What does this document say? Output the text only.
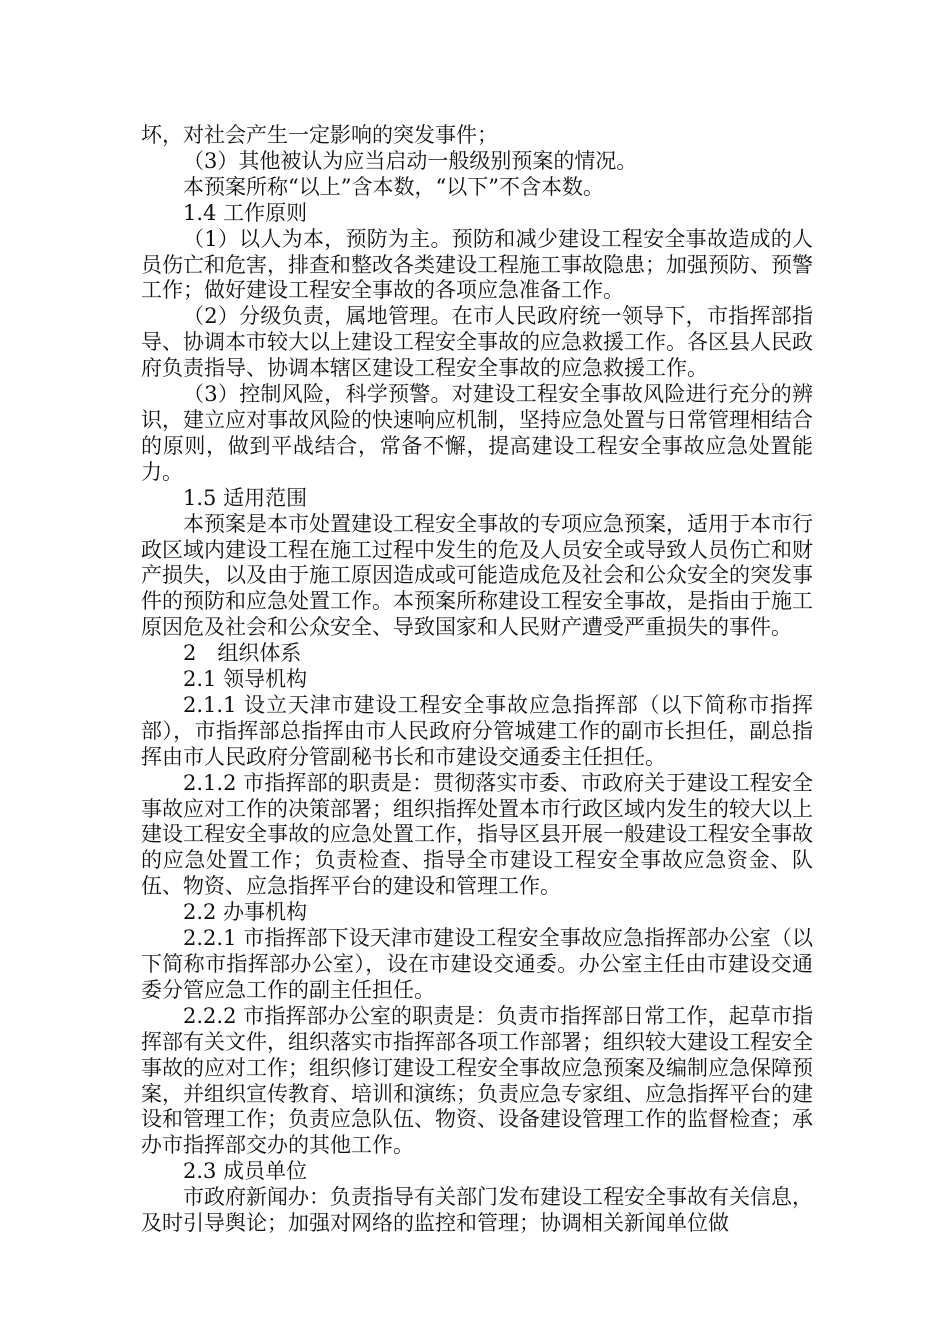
坏，对社会产生一定影响的突发事件；

（3）其他被认为应当启动一般级别预案的情况。

本预案所称“以上”含本数，“以下”不含本数。

1.4 工作原则

（1）以人为本，预防为主。预防和减少建设工程安全事故造成的人员伤亡和危害，排查和整改各类建设工程施工事故隐患；加强预防、预警工作；做好建设工程安全事故的各项应急准备工作。

（2）分级负责，属地管理。在市人民政府统一领导下，市指挥部指导、协调本市较大以上建设工程安全事故的应急救援工作。各区县人民政府负责指导、协调本辖区建设工程安全事故的应急救援工作。

（3）控制风险，科学预警。对建设工程安全事故风险进行充分的辨识，建立应对事故风险的快速响应机制，坚持应急处置与日常管理相结合的原则，做到平战结合，常备不懈，提高建设工程安全事故应急处置能力。

1.5 适用范围

本预案是本市处置建设工程安全事故的专项应急预案，适用于本市行政区域内建设工程在施工过程中发生的危及人员安全或导致人员伤亡和财产损失，以及由于施工原因造成或可能造成危及社会和公众安全的突发事件的预防和应急处置工作。本预案所称建设工程安全事故，是指由于施工原因危及社会和公众安全、导致国家和人民财产遭受严重损失的事件。

2　组织体系

2.1 领导机构

2.1.1 设立天津市建设工程安全事故应急指挥部（以下简称市指挥部），市指挥部总指挥由市人民政府分管城建工作的副市长担任，副总指挥由市人民政府分管副秘书长和市建设交通委主任担任。

2.1.2 市指挥部的职责是：贯彻落实市委、市政府关于建设工程安全事故应对工作的决策部署；组织指挥处置本市行政区域内发生的较大以上建设工程安全事故的应急处置工作，指导区县开展一般建设工程安全事故的应急处置工作；负责检查、指导全市建设工程安全事故应急资金、队伍、物资、应急指挥平台的建设和管理工作。

2.2 办事机构

2.2.1 市指挥部下设天津市建设工程安全事故应急指挥部办公室（以下简称市指挥部办公室），设在市建设交通委。办公室主任由市建设交通委分管应急工作的副主任担任。

2.2.2 市指挥部办公室的职责是：负责市指挥部日常工作，起草市指挥部有关文件，组织落实市指挥部各项工作部署；组织较大建设工程安全事故的应对工作；组织修订建设工程安全事故应急预案及编制应急保障预案，并组织宣传教育、培训和演练；负责应急专家组、应急指挥平台的建设和管理工作；负责应急队伍、物资、设备建设管理工作的监督检查；承办市指挥部交办的其他工作。

2.3 成员单位

市政府新闻办：负责指导有关部门发布建设工程安全事故有关信息，及时引导舆论；加强对网络的监控和管理；协调相关新闻单位做
